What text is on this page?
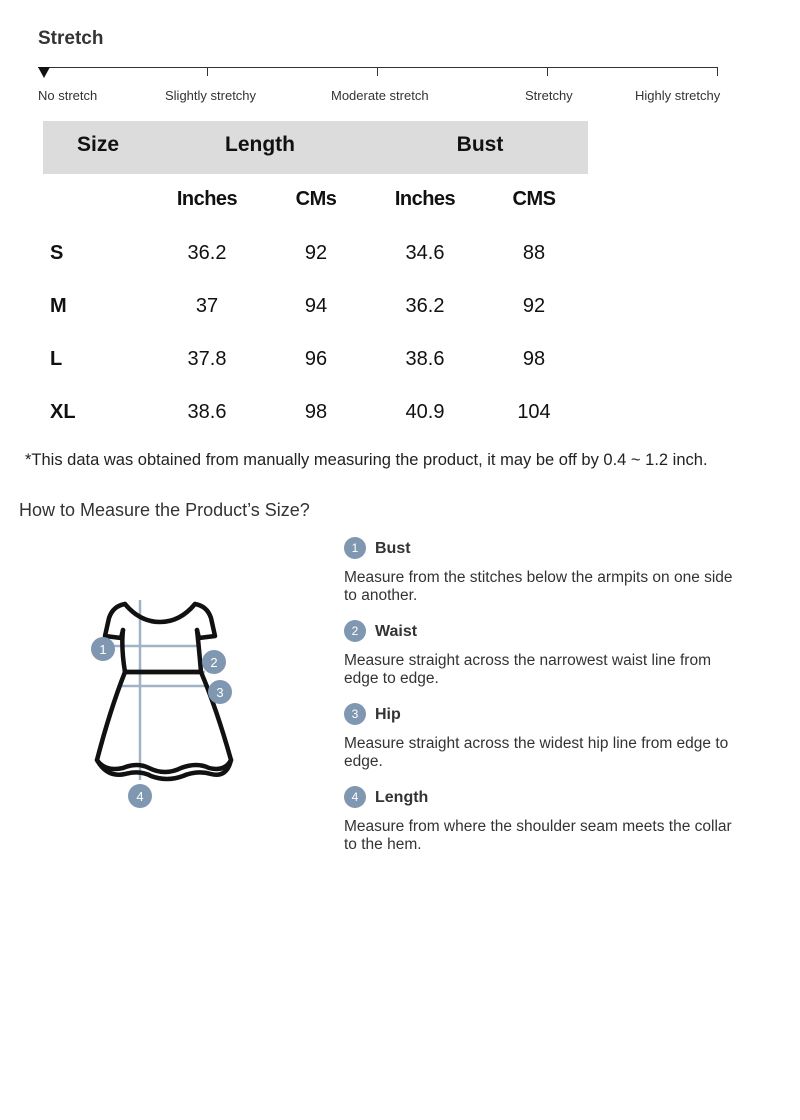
Stretch
No stretch	Slightly stretchy	Moderate stretch	Stretchy	Highly stretchy
Size	Length	Bust
Inches	CMs	Inches	CMS
S	36.2	92	34.6	88
M	37	94	36.2	92
L	37.8	96	38.6	98
XL	38.6	98	40.9	104
*This data was obtained from manually measuring the product, it may be off by 0.4 ~ 1.2 inch.
How to Measure the Product’s Size?
1
2
3
4
1	Bust
Measure from the stitches below the armpits on one side to another.
2	Waist
Measure straight across the narrowest waist line from edge to edge.
3	Hip
Measure straight across the widest hip line from edge to edge.
4	Length
Measure from where the shoulder seam meets the collar to the hem.
